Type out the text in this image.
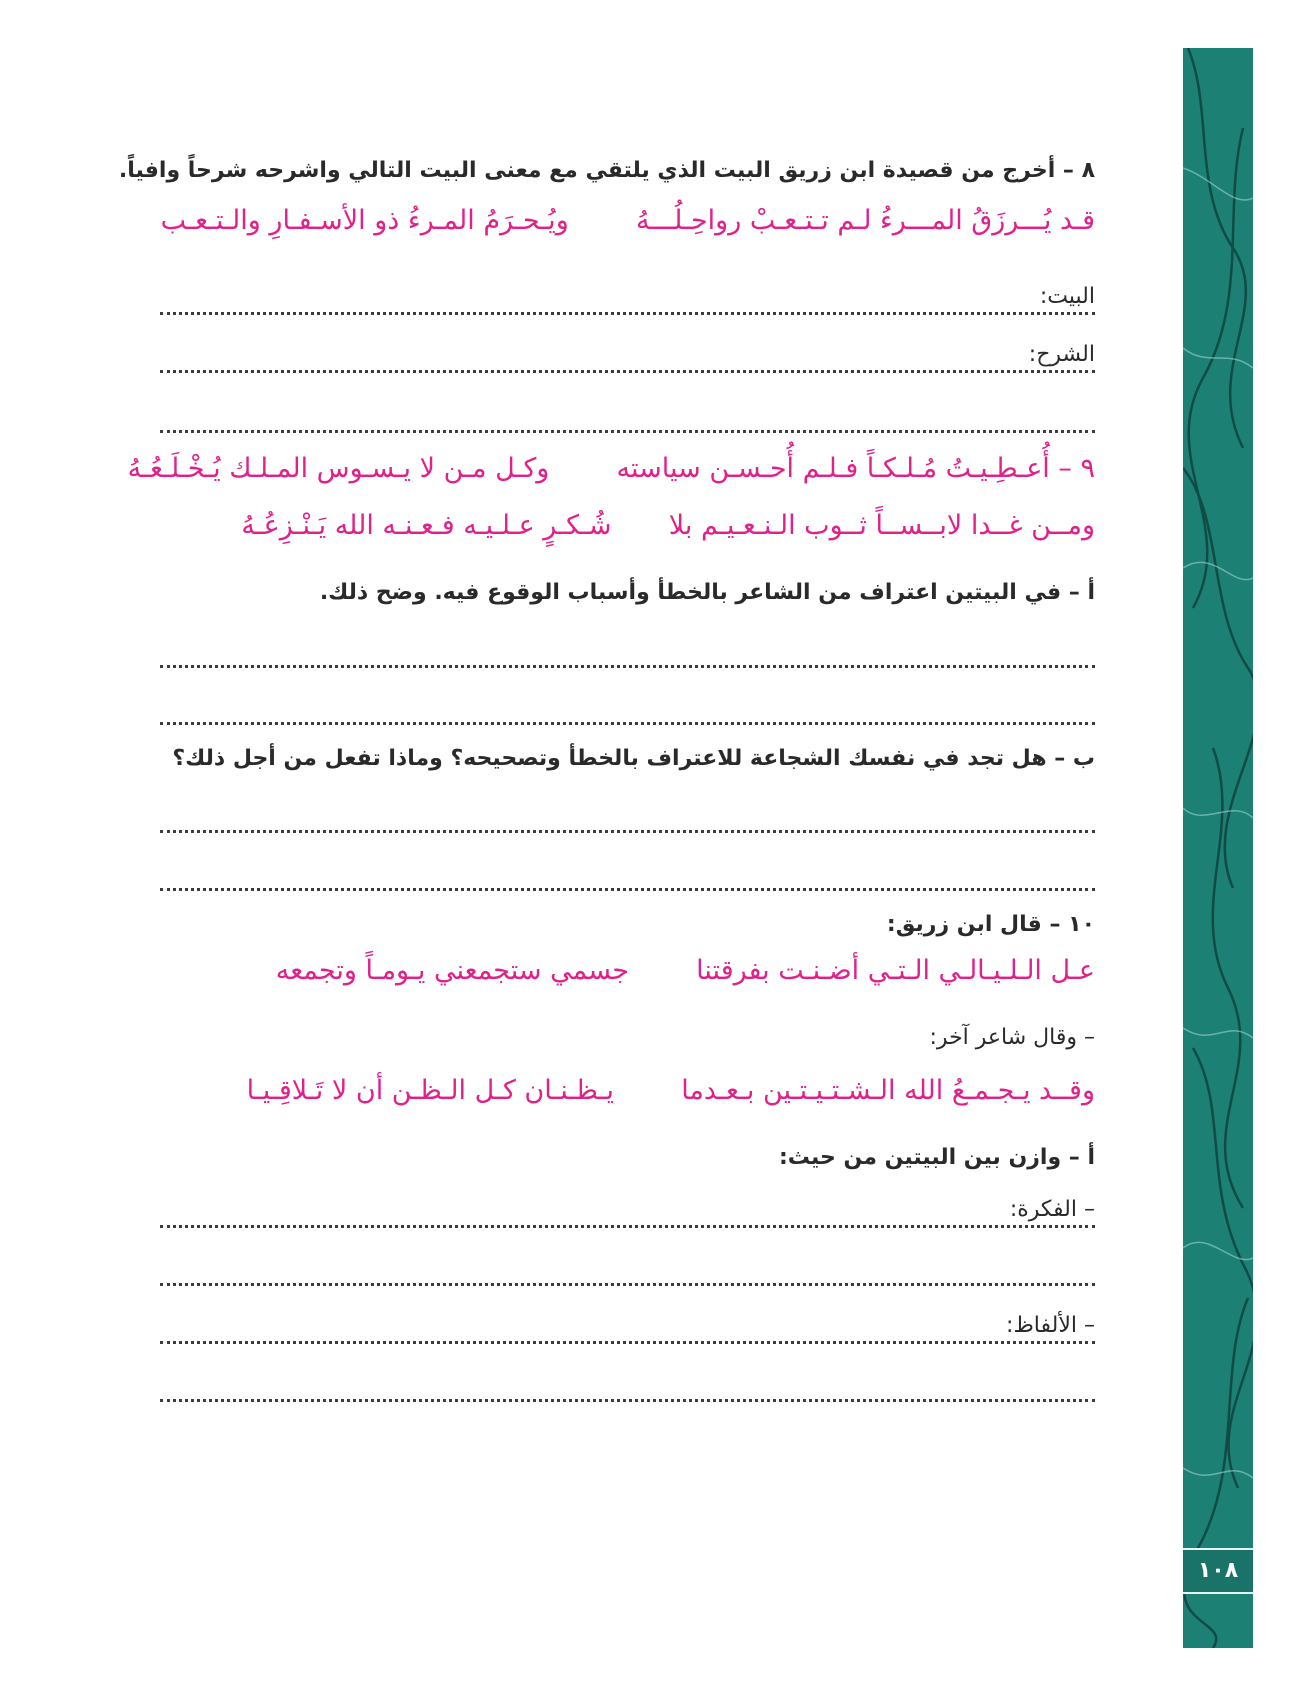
١٠٨
٨ – أخرج من قصيدة ابن زريق البيت الذي يلتقي مع معنى البيت التالي واشرحه شرحاً وافياً.
قـد يُـــرزَقُ المـــرءُ لـم تـتـعـبْ رواحِـلُـــهُ  ويُـحـرَمُ المـرءُ ذو الأسـفـارِ والـتـعـب
البيت:
الشرح:
٩ – أُعـطِـيـتُ مُـلـكـاً فـلـم أُحـسـن سياسته  وكـل مـن لا يـسـوس المـلـك يُـخْـلَـعُـهُ
ومــن غــدا لابــســاً ثــوب الـنـعـيـم بلا  شُـكـرٍ عـلـيـه فـعـنـه الله يَـنْـزِعُـهُ
أ – في البيتين اعتراف من الشاعر بالخطأ وأسباب الوقوع فيه. وضح ذلك.
ب – هل تجد في نفسك الشجاعة للاعتراف بالخطأ وتصحيحه؟ وماذا تفعل من أجل ذلك؟
١٠ – قال ابن زريق:
عـل الـلـيـالـي الـتـي أضـنـت بفرقتنا  جسمي ستجمعني يـومـاً وتجمعه
– وقال شاعر آخر:
وقــد يـجـمـعُ الله الـشـتـيـتـين بـعـدما  يـظـنـان كـل الـظـن أن لا تَـلاقِـيـا
أ – وازن بين البيتين من حيث:
– الفكرة:
– الألفاظ:
